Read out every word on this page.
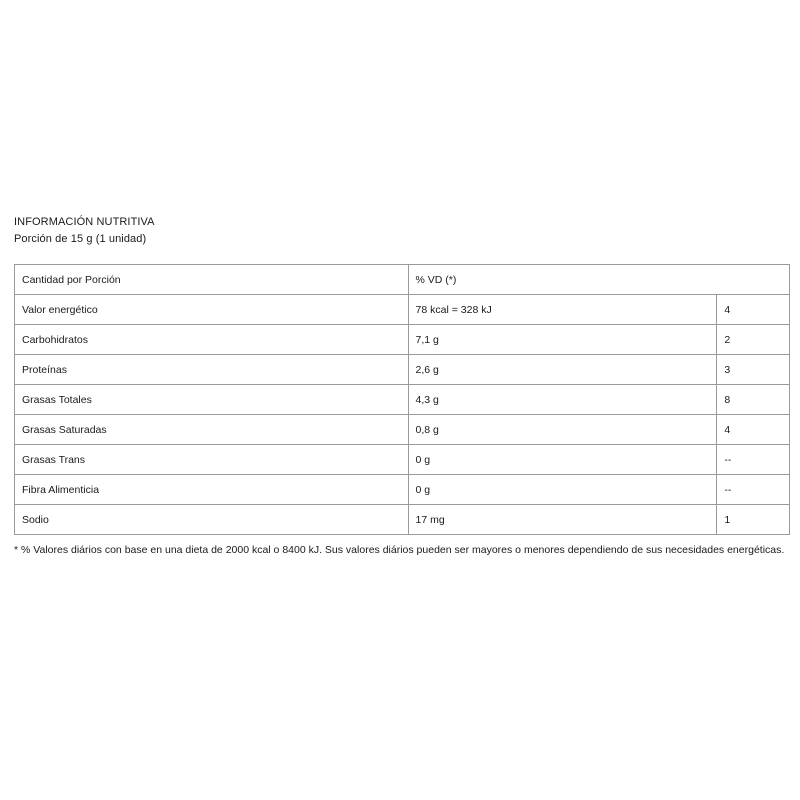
INFORMACIÓN NUTRITIVA
Porción de 15 g (1 unidad)
Cantidad por Porción	% VD (*)	
Valor energético	78 kcal = 328 kJ	4
Carbohidratos	7,1 g	2
Proteínas	2,6 g	3
Grasas Totales	4,3 g	8
Grasas Saturadas	0,8 g	4
Grasas Trans	0 g	--
Fibra Alimenticia	0 g	--
Sodio	17 mg	1
* % Valores diários con base en una dieta de 2000 kcal o 8400 kJ. Sus valores diários pueden ser mayores o menores dependiendo de sus necesidades energéticas.
